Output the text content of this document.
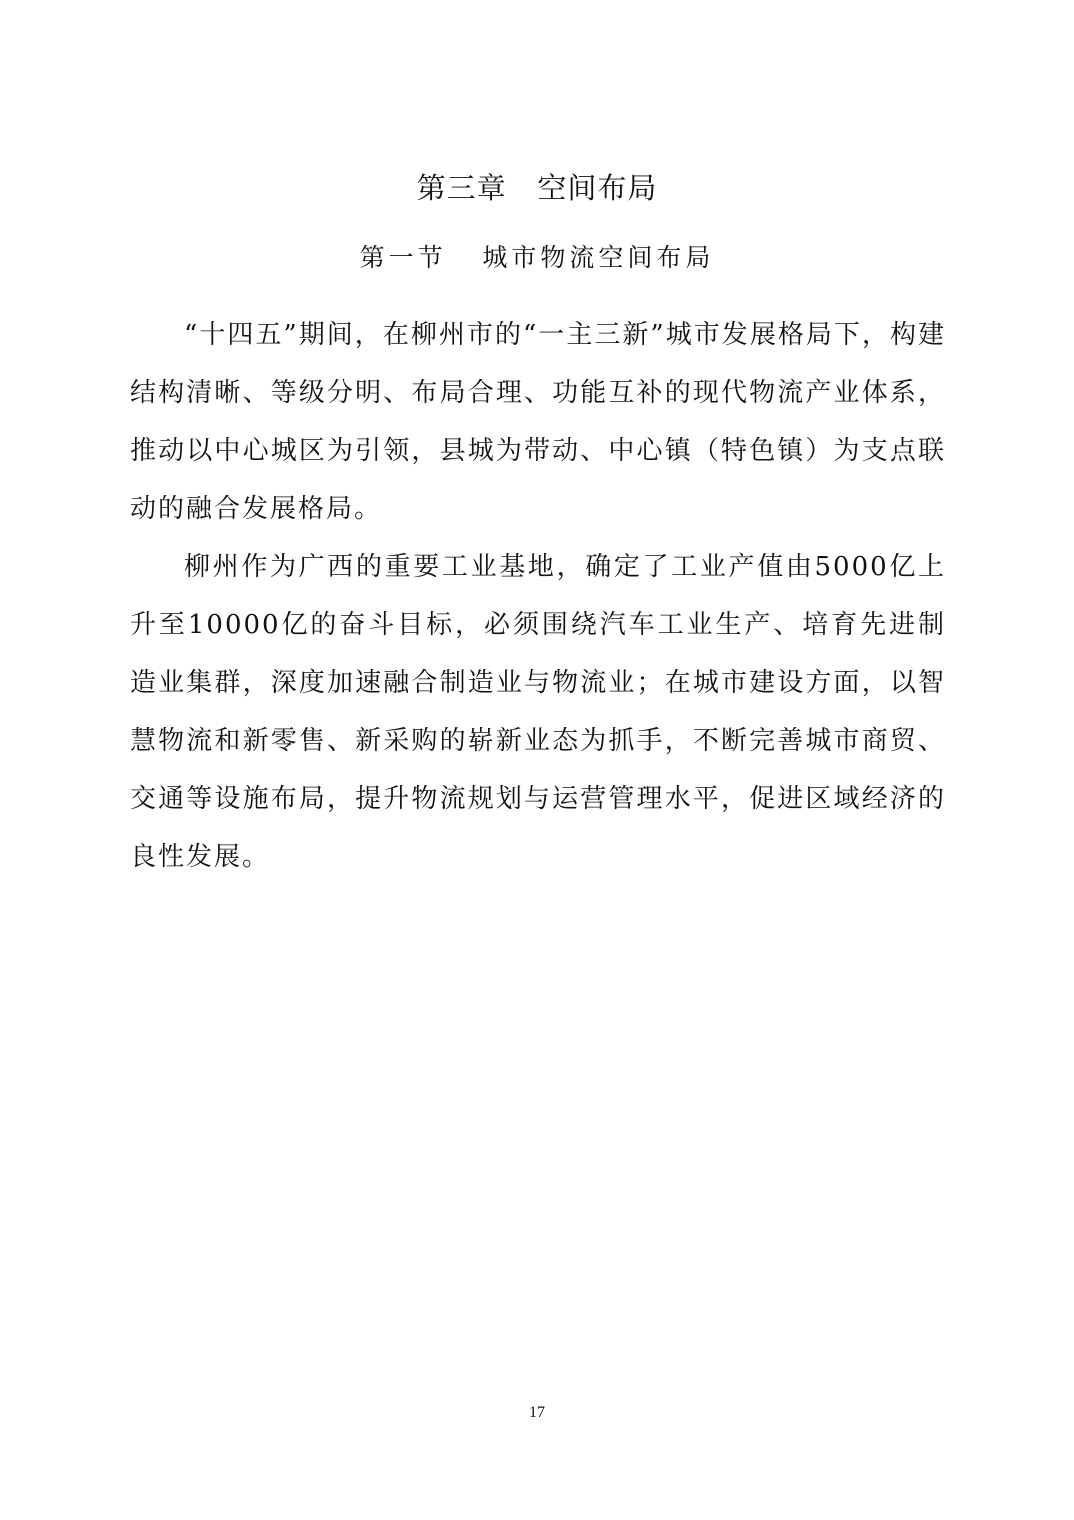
第三章   空间布局
第一节   城市物流空间布局

“十四五”期间，在柳州市的“一主三新”城市发展格局下，构建结构清晰、等级分明、布局合理、功能互补的现代物流产业体系，推动以中心城区为引领，县城为带动、中心镇（特色镇）为支点联动的融合发展格局。

柳州作为广西的重要工业基地，确定了工业产值由5000亿上升至10000亿的奋斗目标，必须围绕汽车工业生产、培育先进制造业集群，深度加速融合制造业与物流业；在城市建设方面，以智慧物流和新零售、新采购的崭新业态为抓手，不断完善城市商贸、交通等设施布局，提升物流规划与运营管理水平，促进区域经济的良性发展。

17
